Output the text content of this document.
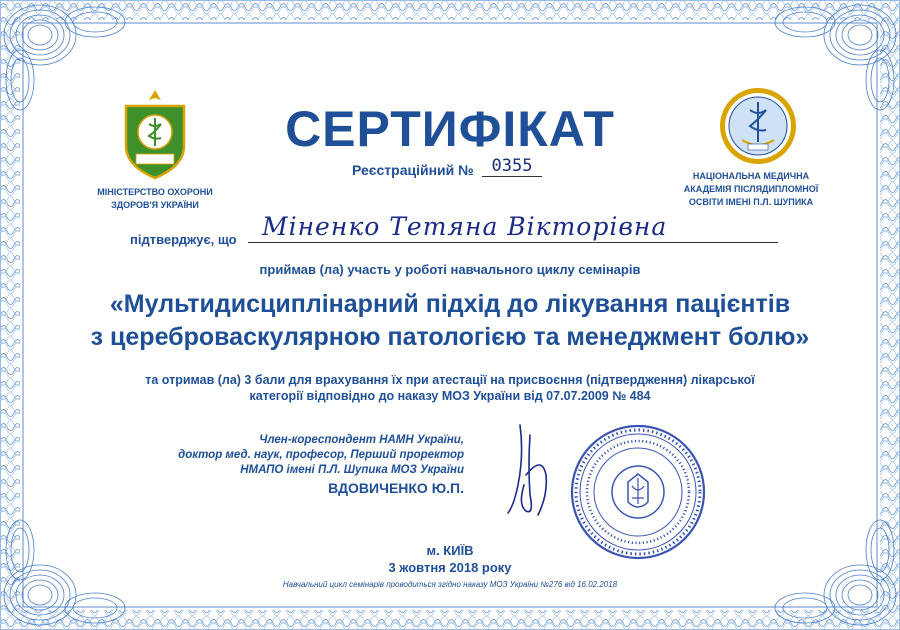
СЕРТИФІКАТ
Реєстраційний №	0355
МІНІСТЕРСТВО ОХОРОНИ
ЗДОРОВ'Я УКРАЇНИ
НАЦІОНАЛЬНА МЕДИЧНА
АКАДЕМІЯ ПІСЛЯДИПЛОМНОЇ
ОСВІТИ ІМЕНІ П.Л. ШУПИКА
підтверджує, що Міненко Тетяна Вікторівна
приймав (ла) участь у роботі навчального циклу семінарів
«Мультидисциплінарний підхід до лікування пацієнтів
з цереброваскулярною патологією та менеджмент болю»
та отримав (ла) 3 бали для врахування їх при атестації на присвоєння (підтвердження) лікарської
категорії відповідно до наказу МОЗ України від 07.07.2009 № 484
Член-кореспондент НАМН України,
доктор мед. наук, професор, Перший проректор
НМАПО імені П.Л. Шупика МОЗ України
ВДОВИЧЕНКО Ю.П.
м. КИЇВ
3 жовтня 2018 року
Навчальний цикл семінарів проводиться згідно наказу МОЗ України №276 від 16.02.2018
